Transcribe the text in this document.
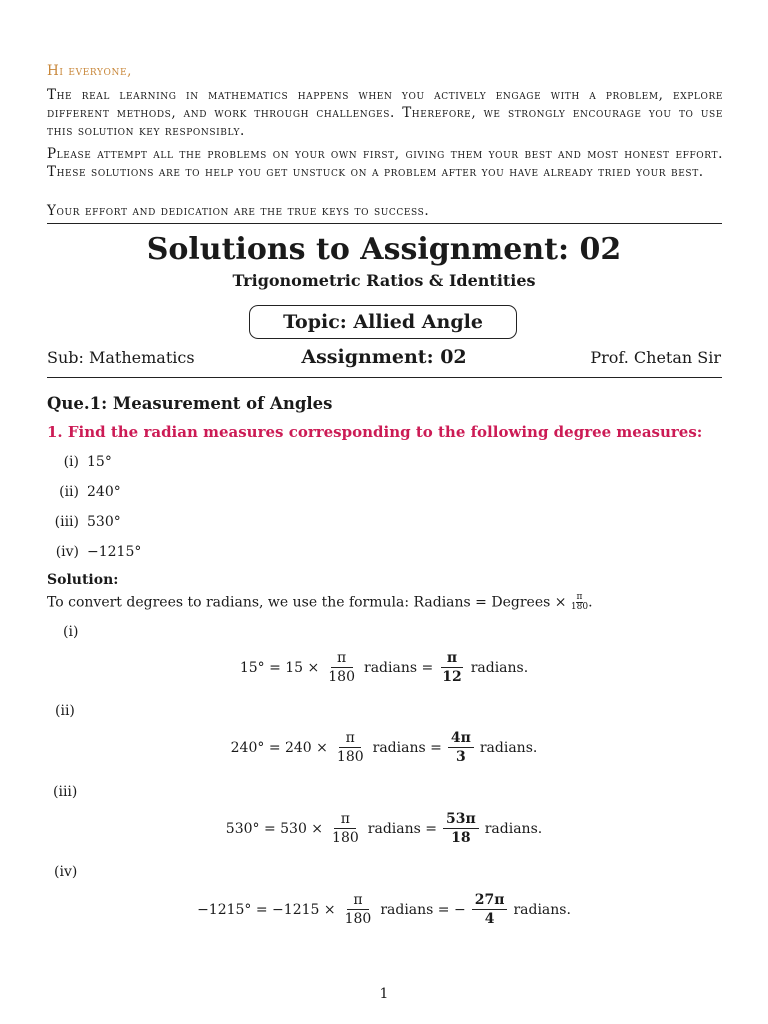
Hi everyone,
The real learning in mathematics happens when you actively engage with a problem, explore different methods, and work through challenges. Therefore, we strongly encourage you to use this solution key responsibly.
Please attempt all the problems on your own first, giving them your best and most honest effort. These solutions are to help you get unstuck on a problem after you have already tried your best.
Your effort and dedication are the true keys to success.
Solutions to Assignment: 02
Trigonometric Ratios & Identities
Topic: Allied Angle
Sub: Mathematics	Assignment: 02	Prof. Chetan Sir
Que.1: Measurement of Angles
1. Find the radian measures corresponding to the following degree measures:
(i) 15°
(ii) 240°
(iii) 530°
(iv) −1215°
Solution:
To convert degrees to radians, we use the formula: Radians = Degrees × $\frac{\pi}{180}$ .
(i)
$15^\circ = 15 \times \frac{\pi}{180}$ radians = $\frac{\pi}{12}$ radians.
(ii)
$240^\circ = 240 \times \frac{\pi}{180}$ radians = $\frac{4\pi}{3}$ radians.
(iii)
$530^\circ = 530 \times \frac{\pi}{180}$ radians = $\frac{53\pi}{18}$ radians.
(iv)
$-1215^\circ = -1215 \times \frac{\pi}{180}$ radians = − $\frac{27\pi}{4}$ radians.
1
